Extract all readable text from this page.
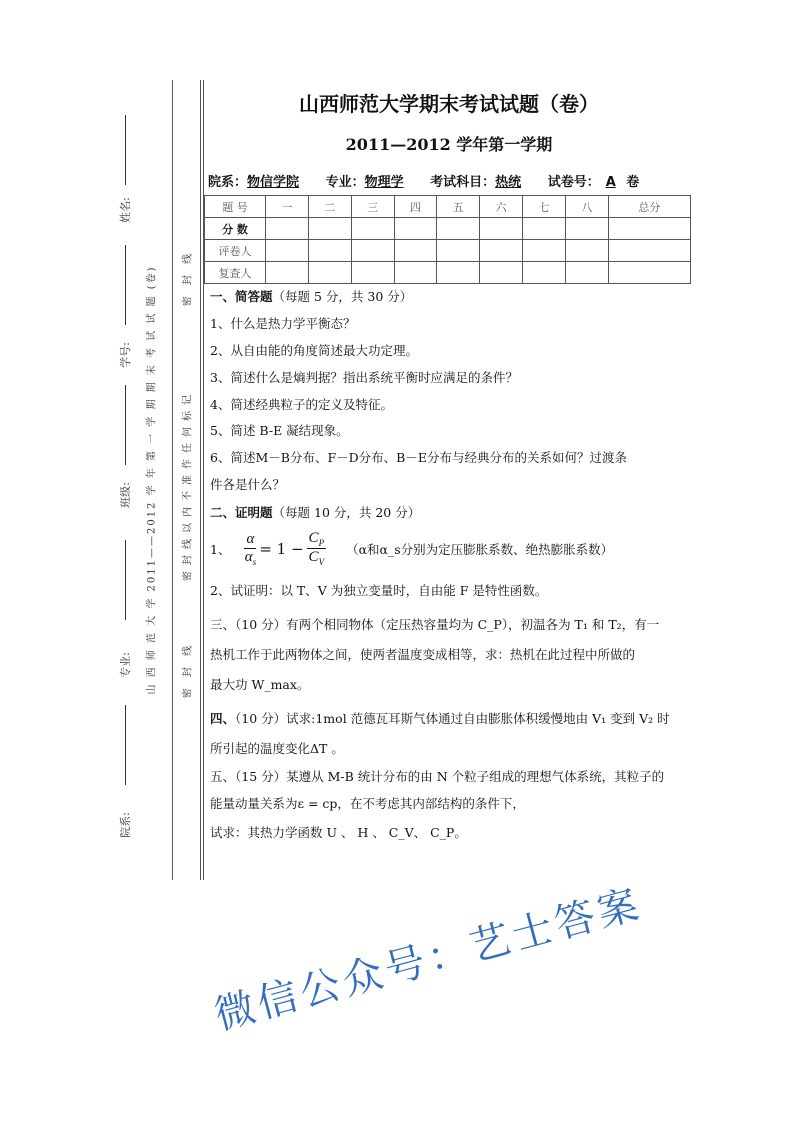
院系:
专业:
班级:
学号:
姓名:
山 西 师 范 大 学 2011——2012 学 年 第 一 学 期 期 末 考 试 试 题 (卷)	密 封 线
密封线以内不准作任何标记
密 封 线
山西师范大学期末考试试题（卷）
2011—2012 学年第一学期
院系：物信学院 专业：物理学 考试科目：热统 试卷号： A 卷
题 号	一	二	三	四	五	六	七	八	总分
分 数									
评卷人									
复查人									
一、简答题（每题 5 分，共 30 分）
1、什么是热力学平衡态？
2、从自由能的角度简述最大功定理。
3、简述什么是熵判据？指出系统平衡时应满足的条件？
4、简述经典粒子的定义及特征。
5、简述 B-E 凝结现象。
6、简述M－B分布、F－D分布、B－E分布与经典分布的关系如何？过渡条
件各是什么？
二、证明题（每题 10 分，共 20 分）
1、 $\frac{\alpha}{\alpha_s} = 1 - \frac{C_P}{C_V} (\alpha$和α_s分别为定压膨胀系数、绝热膨胀系数）
2、试证明：以 T、V 为独立变量时，自由能 F 是特性函数。
三、（10 分）有两个相同物体（定压热容量均为 C_P），初温各为 T₁ 和 T₂，有一
热机工作于此两物体之间，使两者温度变成相等，求：热机在此过程中所做的
最大功 W_max。
四、（10 分）试求:1mol 范德瓦耳斯气体通过自由膨胀体积缓慢地由 V₁ 变到 V₂ 时
所引起的温度变化ΔT 。
五、（15 分）某遵从 M-B 统计分布的由 N 个粒子组成的理想气体系统，其粒子的
能量动量关系为ε = cp，在不考虑其内部结构的条件下，
试求：其热力学函数 U 、 H 、 C_V、 C_P。
微信公众号：艺士答案
